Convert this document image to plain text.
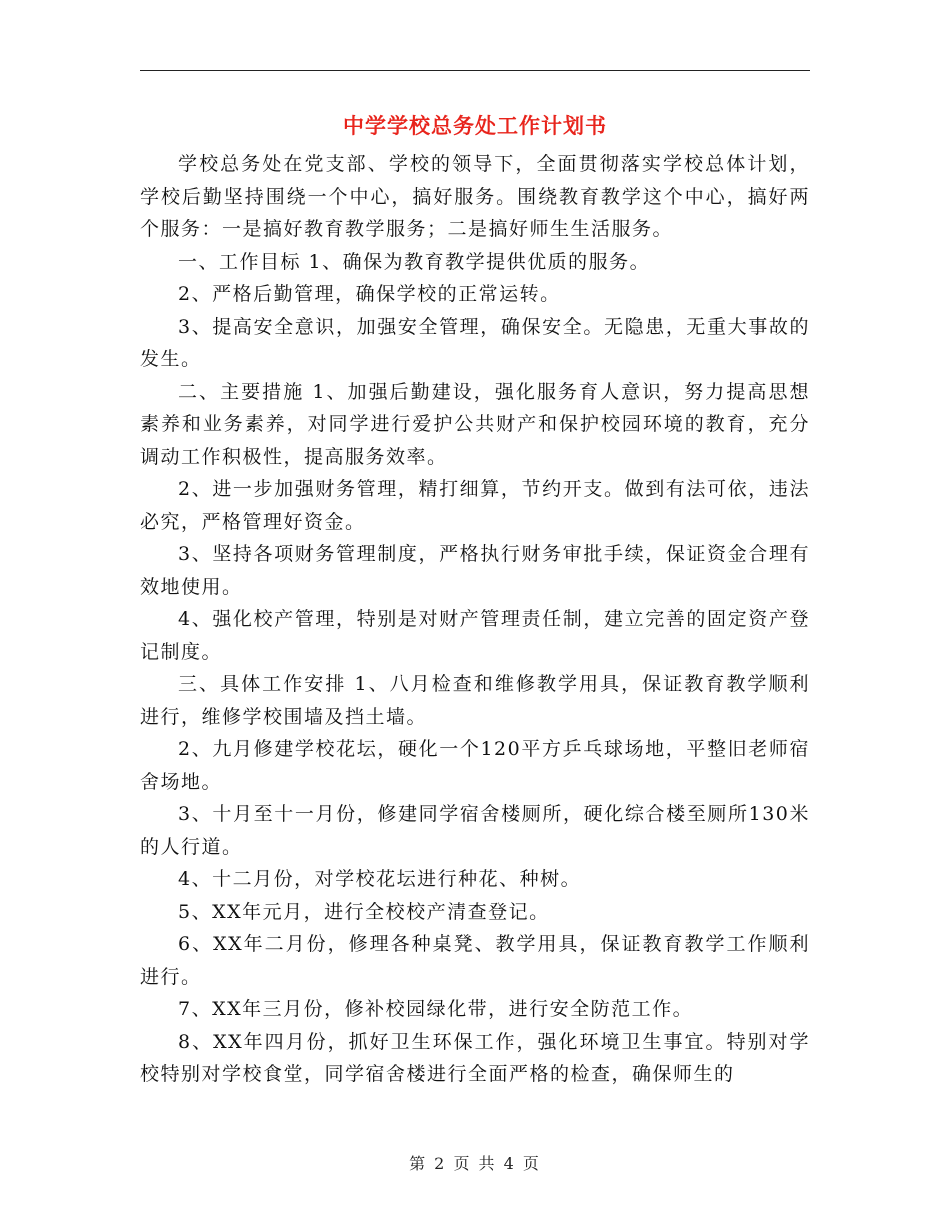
中学学校总务处工作计划书

学校总务处在党支部、学校的领导下，全面贯彻落实学校总体计划，学校后勤坚持围绕一个中心，搞好服务。围绕教育教学这个中心，搞好两个服务：一是搞好教育教学服务；二是搞好师生生活服务。

一、工作目标 1、确保为教育教学提供优质的服务。

2、严格后勤管理，确保学校的正常运转。

3、提高安全意识，加强安全管理，确保安全。无隐患，无重大事故的发生。

二、主要措施 1、加强后勤建设，强化服务育人意识，努力提高思想素养和业务素养，对同学进行爱护公共财产和保护校园环境的教育，充分调动工作积极性，提高服务效率。

2、进一步加强财务管理，精打细算，节约开支。做到有法可依，违法必究，严格管理好资金。

3、坚持各项财务管理制度，严格执行财务审批手续，保证资金合理有效地使用。

4、强化校产管理，特别是对财产管理责任制，建立完善的固定资产登记制度。

三、具体工作安排 1、八月检查和维修教学用具，保证教育教学顺利进行，维修学校围墙及挡土墙。

2、九月修建学校花坛，硬化一个120平方乒乓球场地，平整旧老师宿舍场地。

3、十月至十一月份，修建同学宿舍楼厕所，硬化综合楼至厕所130米的人行道。

4、十二月份，对学校花坛进行种花、种树。

5、XX年元月，进行全校校产清查登记。

6、XX年二月份，修理各种桌凳、教学用具，保证教育教学工作顺利进行。

7、XX年三月份，修补校园绿化带，进行安全防范工作。

8、XX年四月份，抓好卫生环保工作，强化环境卫生事宜。特别对学校特别对学校食堂，同学宿舍楼进行全面严格的检查，确保师生的

第 2 页 共 4 页
